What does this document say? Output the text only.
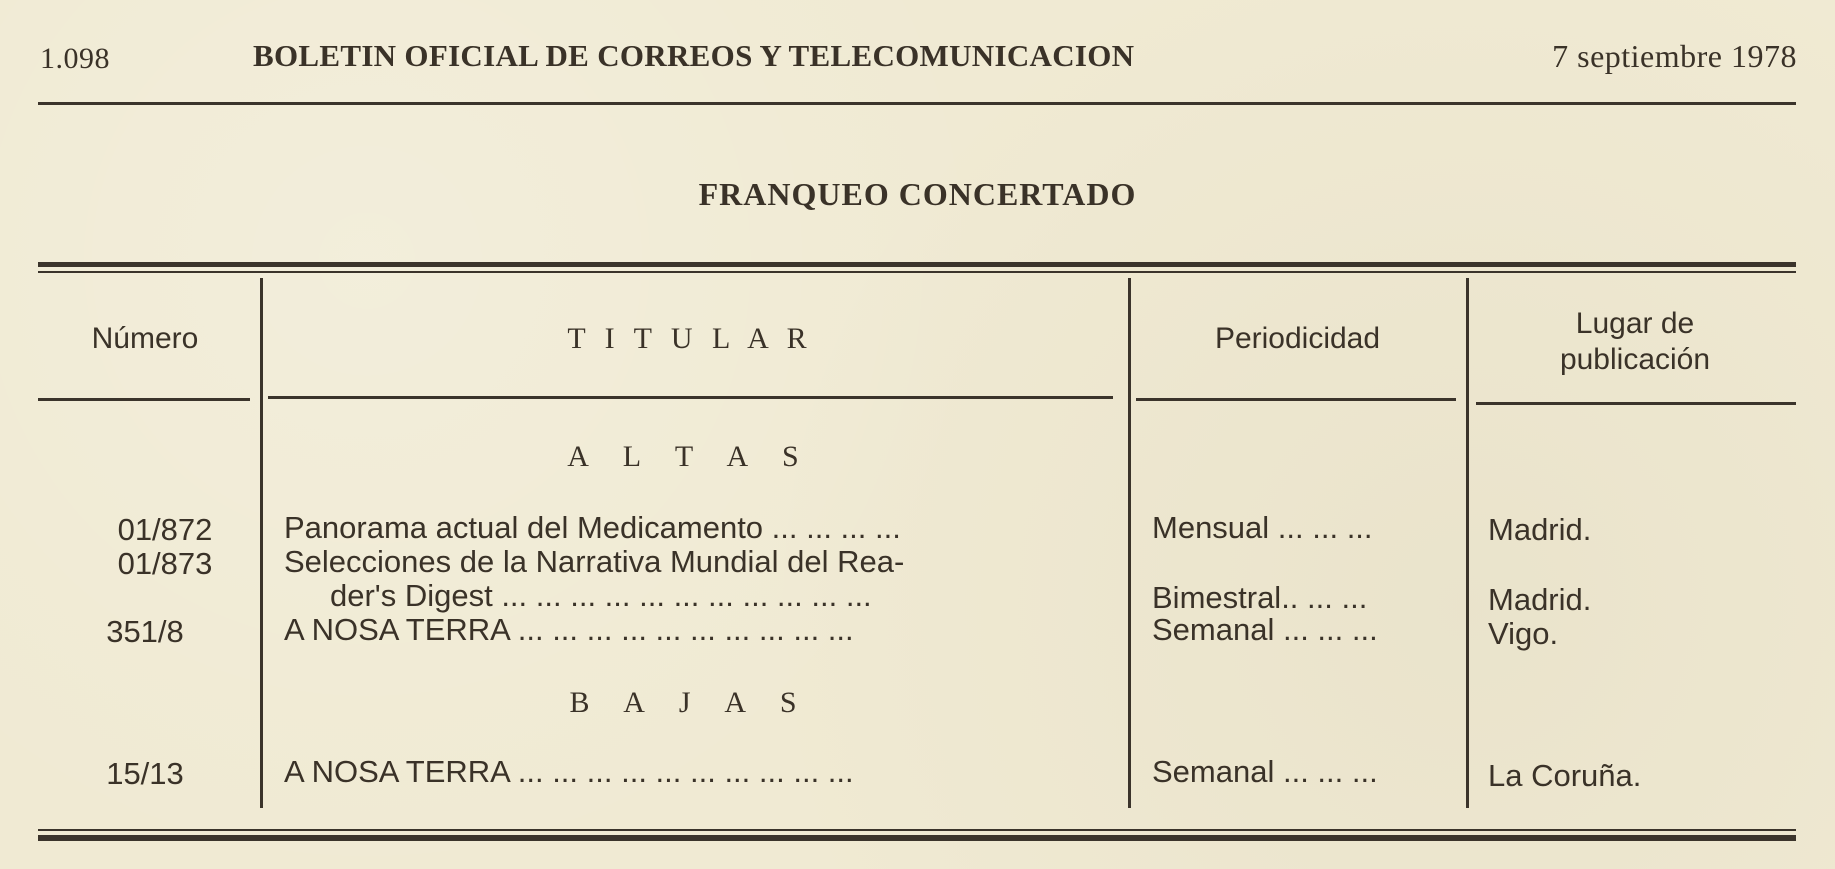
1.098	BOLETIN OFICIAL DE CORREOS Y TELECOMUNICACION	7 septiembre 1978
FRANQUEO CONCERTADO
Número	T I T U L A R	Periodicidad	Lugar de
publicación
A L T A S
01/872	Panorama actual del Medicamento ... ... ... ...	Mensual ... ... ...	Madrid.
01/873	Selecciones de la Narrativa Mundial del Rea-
der's Digest ... ... ... ... ... ... ... ... ... ... ...	Bimestral.. ... ...	Madrid.
351/8	A NOSA TERRA ... ... ... ... ... ... ... ... ... ...	Semanal ... ... ...	Vigo.
B A J A S
15/13	A NOSA TERRA ... ... ... ... ... ... ... ... ... ...	Semanal ... ... ...	La Coruña.
